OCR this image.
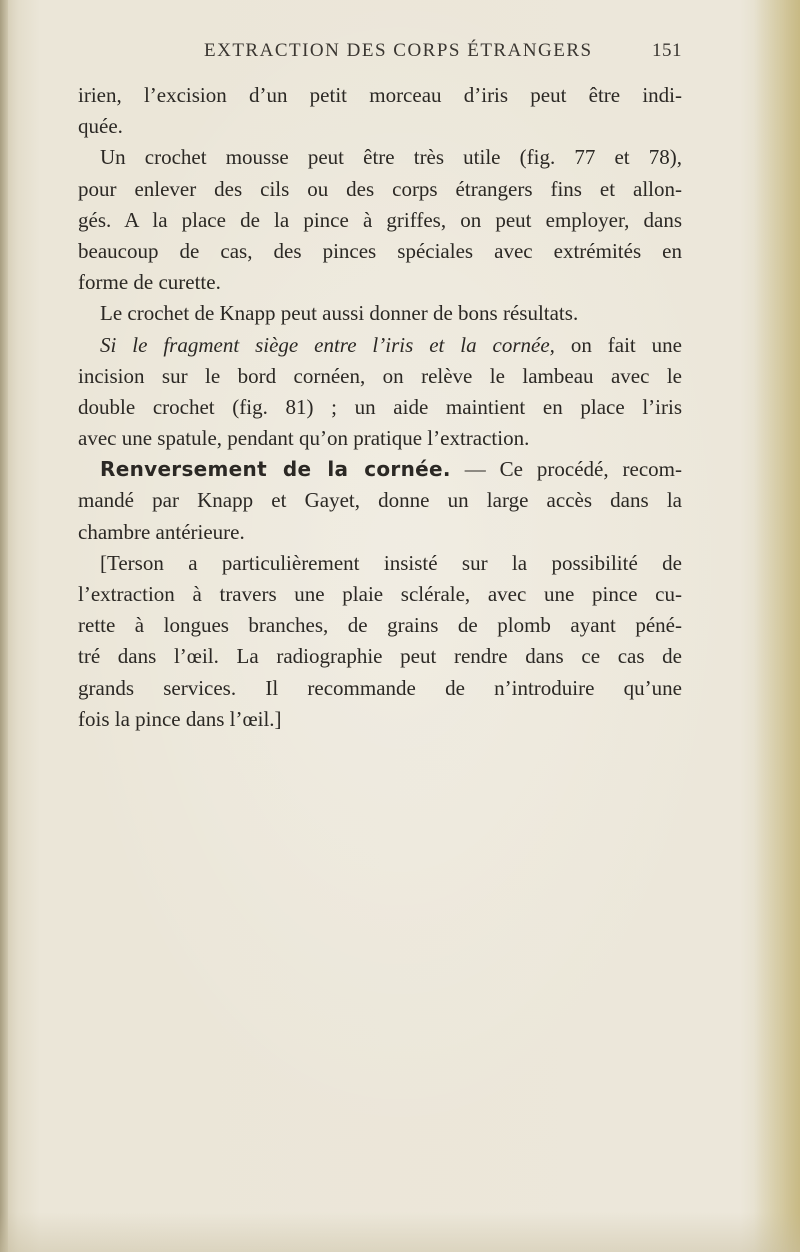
EXTRACTION DES CORPS ÉTRANGERS	151
irien, l’excision d’un petit morceau d’iris peut être indi-
quée.
Un crochet mousse peut être très utile (fig. 77 et 78),
pour enlever des cils ou des corps étrangers fins et allon-
gés. A la place de la pince à griffes, on peut employer, dans
beaucoup de cas, des pinces spéciales avec extrémités en
forme de curette.
Le crochet de Knapp peut aussi donner de bons résultats.
Si le fragment siège entre l’iris et la cornée, on fait une
incision sur le bord cornéen, on relève le lambeau avec le
double crochet (fig. 81) ; un aide maintient en place l’iris
avec une spatule, pendant qu’on pratique l’extraction.
Renversement de la cornée. — Ce procédé, recom-
mandé par Knapp et Gayet, donne un large accès dans la
chambre antérieure.
[Terson a particulièrement insisté sur la possibilité de
l’extraction à travers une plaie sclérale, avec une pince cu-
rette à longues branches, de grains de plomb ayant péné-
tré dans l’œil. La radiographie peut rendre dans ce cas de
grands services. Il recommande de n’introduire qu’une
fois la pince dans l’œil.]
